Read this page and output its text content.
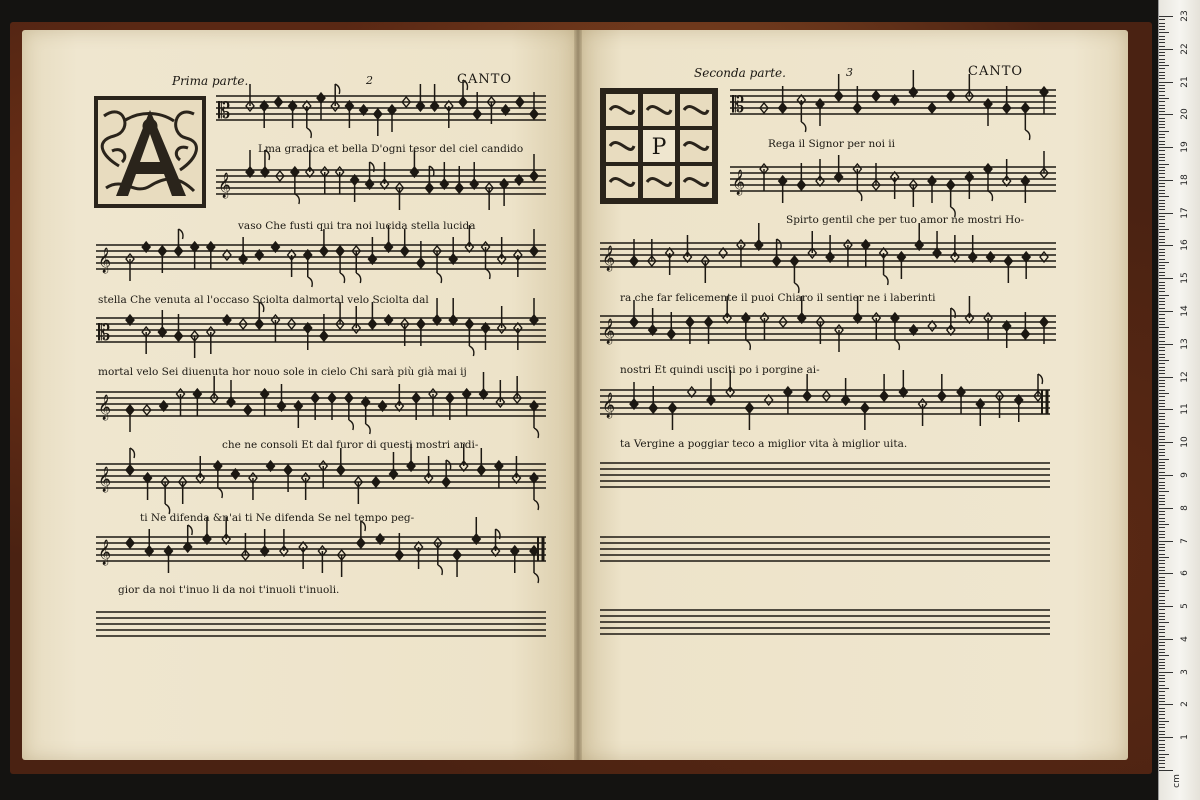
Prima parte.	2	CANTO	Seconda parte.	3	CANTO
P
𝄡
𝄞
𝄞
𝄡
𝄞
𝄞
𝄞
𝄡
𝄞
𝄞
𝄞
𝄞
Lma gradica et bella D'ogni tesor del ciel candido
vaso Che fusti qui tra noi lucida stella lucida
stella Che venuta al l'occaso Sciolta dalmortal velo Sciolta dal
mortal velo Sei diuenuta hor nouo sole in cielo Chi sarà più già mai ij
che ne consoli Et dal furor di questi mostri ardi-
ti Ne difenda &n'ai ti Ne difenda Se nel tempo peg-
gior da noi t'inuo li da noi t'inuoli t'inuoli.
Rega il Signor per noi ii
Spirto gentil che per tuo amor ne mostri Ho-
ra che far felicemente il puoi Chiaro il sentier ne i laberinti
nostri Et quindi usciti po i porgine ai-
ta Vergine a poggiar teco a miglior vita à miglior uita.
cm
1
2
3
4
5
6
7
8
9
10
11
12
13
14
15
16
17
18
19
20
21
22
23
